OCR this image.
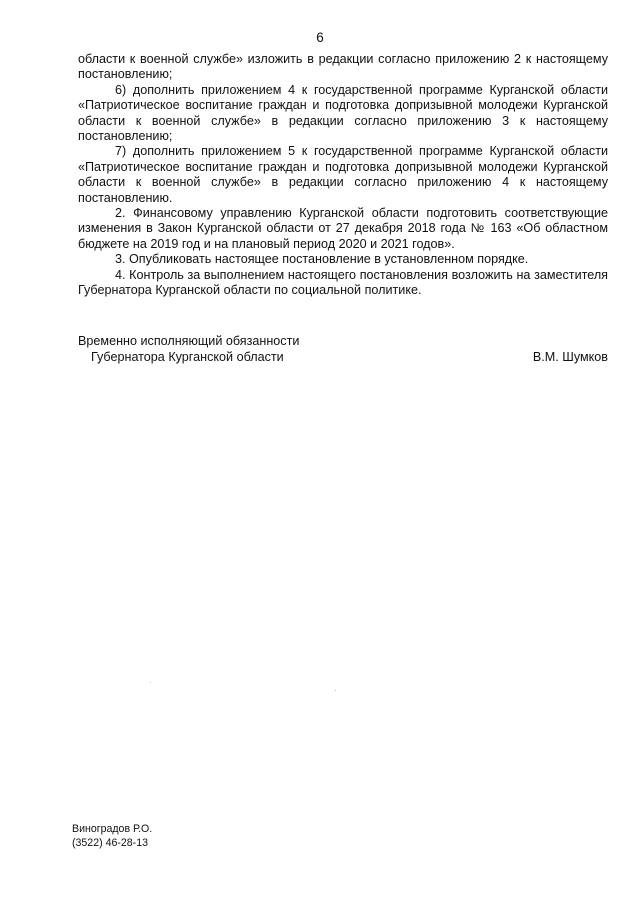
6

области к военной службе» изложить в редакции согласно приложению 2 к настоящему постановлению;

6) дополнить приложением 4 к государственной программе Курганской области «Патриотическое воспитание граждан и подготовка допризывной молодежи Курганской области к военной службе» в редакции согласно приложению 3 к настоящему постановлению;

7) дополнить приложением 5 к государственной программе Курганской области «Патриотическое воспитание граждан и подготовка допризывной молодежи Курганской области к военной службе» в редакции согласно приложению 4 к настоящему постановлению.

2. Финансовому управлению Курганской области подготовить соответствующие изменения в Закон Курганской области от 27 декабря 2018 года № 163 «Об областном бюджете на 2019 год и на плановый период 2020 и 2021 годов».

3. Опубликовать настоящее постановление в установленном порядке.

4. Контроль за выполнением настоящего постановления возложить на заместителя Губернатора Курганской области по социальной политике.

Временно исполняющий обязанности
Губернатора Курганской области	В.М. Шумков
Виноградов Р.О.
(3522) 46-28-13
